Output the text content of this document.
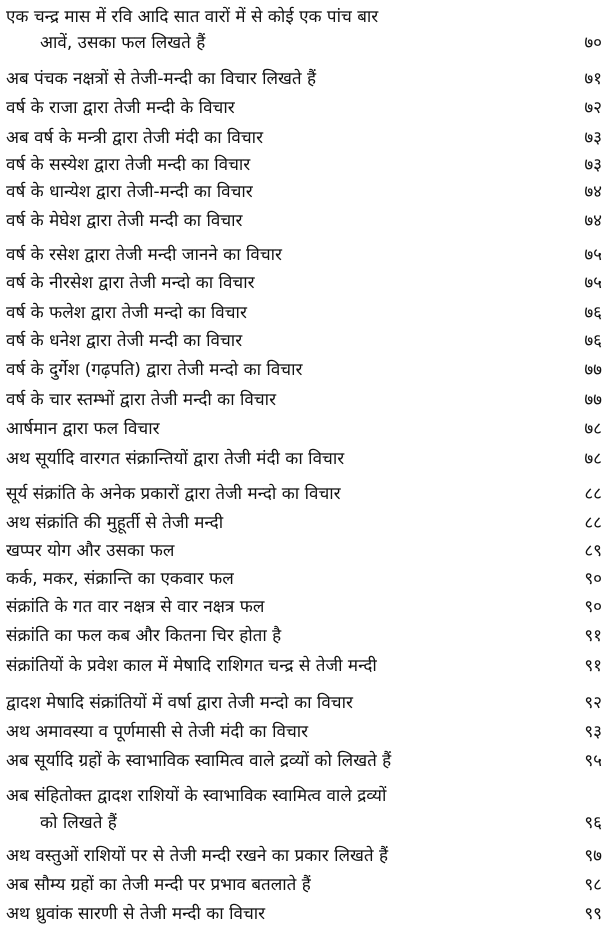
एक चन्द्र मास में रवि आदि सात वारों में से कोई एक पांच बार
आवें, उसका फल लिखते हैं	७०
अब पंचक नक्षत्रों से तेजी-मन्दी का विचार लिखते हैं	७१
वर्ष के राजा द्वारा तेजी मन्दी के विचार	७२
अब वर्ष के मन्त्री द्वारा तेजी मंदी का विचार	७३
वर्ष के सस्येश द्वारा तेजी मन्दी का विचार	७३
वर्ष के धान्येश द्वारा तेजी-मन्दी का विचार	७४
वर्ष के मेघेश द्वारा तेजी मन्दी का विचार	७४
वर्ष के रसेश द्वारा तेजी मन्दी जानने का विचार	७५
वर्ष के नीरसेश द्वारा तेजी मन्दो का विचार	७५
वर्ष के फलेश द्वारा तेजी मन्दो का विचार	७६
वर्ष के धनेश द्वारा तेजी मन्दी का विचार	७६
वर्ष के दुर्गेश (गढ़पति) द्वारा तेजी मन्दो का विचार	७७
वर्ष के चार स्तम्भों द्वारा तेजी मन्दी का विचार	७७
आर्षमान द्वारा फल विचार	७८
अथ सूर्यादि वारगत संक्रान्तियों द्वारा तेजी मंदी का विचार	७८
सूर्य संक्रांति के अनेक प्रकारों द्वारा तेजी मन्दो का विचार	८८
अथ संक्रांति की मुहूर्ती से तेजी मन्दी	८८
खप्पर योग और उसका फल	८९
कर्क, मकर, संक्रान्ति का एकवार फल	९०
संक्रांति के गत वार नक्षत्र से वार नक्षत्र फल	९०
संक्रांति का फल कब और कितना चिर होता है	९१
संक्रांतियों के प्रवेश काल में मेषादि राशिगत चन्द्र से तेजी मन्दी	९१
द्वादश मेषादि संक्रांतियों में वर्षा द्वारा तेजी मन्दो का विचार	९२
अथ अमावस्या व पूर्णमासी से तेजी मंदी का विचार	९३
अब सूर्यादि ग्रहों के स्वाभाविक स्वामित्व वाले द्रव्यों को लिखते हैं	९५
अब संहितोक्त द्वादश राशियों के स्वाभाविक स्वामित्व वाले द्रव्यों
को लिखते हैं	९६
अथ वस्तुओं राशियों पर से तेजी मन्दी रखने का प्रकार लिखते हैं	९७
अब सौम्य ग्रहों का तेजी मन्दी पर प्रभाव बतलाते हैं	९८
अथ ध्रुवांक सारणी से तेजी मन्दी का विचार	९९
